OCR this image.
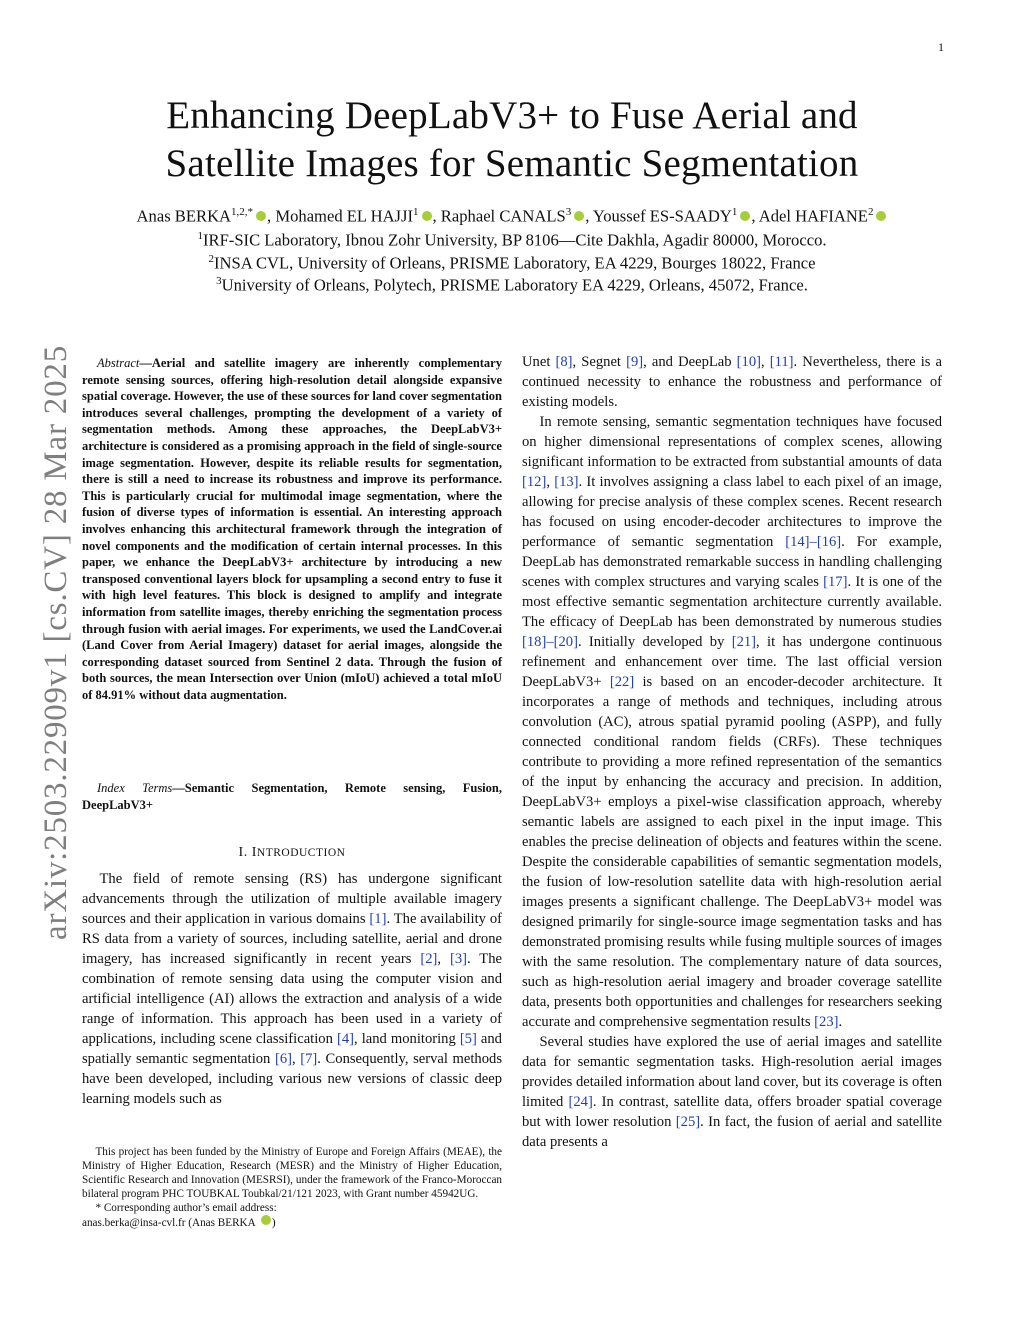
1
Enhancing DeepLabV3+ to Fuse Aerial and
Satellite Images for Semantic Segmentation
Anas $BERKA^{1,2,*}$ , Mohamed EL HAJJI$^1$ , Raphael CANALS$^3$ , Youssef ES-SAADY$^1$ , Adel HAFIANE$^2$
$^1$IRF-SIC Laboratory, Ibnou Zohr University, BP 8106—Cite Dakhla, Agadir 80000, Morocco.
$^2$INSA CVL, University of Orleans, PRISME Laboratory, EA 4229, Bourges 18022, France
$^3$University of Orleans, Polytech, PRISME Laboratory EA 4229, Orleans, 45072, France.
arXiv:2503.22909v1 [cs.CV] 28 Mar 2025	Abstract—Aerial and satellite imagery are inherently complementary remote sensing sources, offering high-resolution detail alongside expansive spatial coverage. However, the use of these sources for land cover segmentation introduces several challenges, prompting the development of a variety of segmentation methods. Among these approaches, the DeepLabV3+ architecture is considered as a promising approach in the field of single-source image segmentation. However, despite its reliable results for segmentation, there is still a need to increase its robustness and improve its performance. This is particularly crucial for multimodal image segmentation, where the fusion of diverse types of information is essential. An interesting approach involves enhancing this architectural framework through the integration of novel components and the modification of certain internal processes. In this paper, we enhance the DeepLabV3+ architecture by introducing a new transposed conventional layers block for upsampling a second entry to fuse it with high level features. This block is designed to amplify and integrate information from satellite images, thereby enriching the segmentation process through fusion with aerial images. For experiments, we used the LandCover.ai (Land Cover from Aerial Imagery) dataset for aerial images, alongside the corresponding dataset sourced from Sentinel 2 data. Through the fusion of both sources, the mean Intersection over Union (mIoU) achieved a total mIoU of 84.91% without data augmentation.
Index Terms—Semantic Segmentation, Remote sensing, Fusion, DeepLabV3+
I. INTRODUCTION

The field of remote sensing (RS) has undergone significant advancements through the utilization of multiple available imagery sources and their application in various domains [1]. The availability of RS data from a variety of sources, including satellite, aerial and drone imagery, has increased significantly in recent years [2], [3]. The combination of remote sensing data using the computer vision and artificial intelligence (AI) allows the extraction and analysis of a wide range of information. This approach has been used in a variety of applications, including scene classification [4], land monitoring [5] and spatially semantic segmentation [6], [7]. Consequently, serval methods have been developed, including various new versions of classic deep learning models such as

This project has been funded by the Ministry of Europe and Foreign Affairs (MEAE), the Ministry of Higher Education, Research (MESR) and the Ministry of Higher Education, Scientific Research and Innovation (MESRSI), under the framework of the Franco-Moroccan bilateral program PHC TOUBKAL Toubkal/21/121 2023, with Grant number 45942UG.

* Corresponding author’s email address:

anas.berka@insa-cvl.fr (Anas BERKA )

Unet [8], Segnet [9], and DeepLab [10], [11]. Nevertheless, there is a continued necessity to enhance the robustness and performance of existing models.

In remote sensing, semantic segmentation techniques have focused on higher dimensional representations of complex scenes, allowing significant information to be extracted from substantial amounts of data [12], [13]. It involves assigning a class label to each pixel of an image, allowing for precise analysis of these complex scenes. Recent research has focused on using encoder-decoder architectures to improve the performance of semantic segmentation [14]–[16]. For example, DeepLab has demonstrated remarkable success in handling challenging scenes with complex structures and varying scales [17]. It is one of the most effective semantic segmentation architecture currently available. The efficacy of DeepLab has been demonstrated by numerous studies [18]–[20]. Initially developed by [21], it has undergone continuous refinement and enhancement over time. The last official version DeepLabV3+ [22] is based on an encoder-decoder architecture. It incorporates a range of methods and techniques, including atrous convolution (AC), atrous spatial pyramid pooling (ASPP), and fully connected conditional random fields (CRFs). These techniques contribute to providing a more refined representation of the semantics of the input by enhancing the accuracy and precision. In addition, DeepLabV3+ employs a pixel-wise classification approach, whereby semantic labels are assigned to each pixel in the input image. This enables the precise delineation of objects and features within the scene. Despite the considerable capabilities of semantic segmentation models, the fusion of low-resolution satellite data with high-resolution aerial images presents a significant challenge. The DeepLabV3+ model was designed primarily for single-source image segmentation tasks and has demonstrated promising results while fusing multiple sources of images with the same resolution. The complementary nature of data sources, such as high-resolution aerial imagery and broader coverage satellite data, presents both opportunities and challenges for researchers seeking accurate and comprehensive segmentation results [23].

Several studies have explored the use of aerial images and satellite data for semantic segmentation tasks. High-resolution aerial images provides detailed information about land cover, but its coverage is often limited [24]. In contrast, satellite data, offers broader spatial coverage but with lower resolution [25]. In fact, the fusion of aerial and satellite data presents a
